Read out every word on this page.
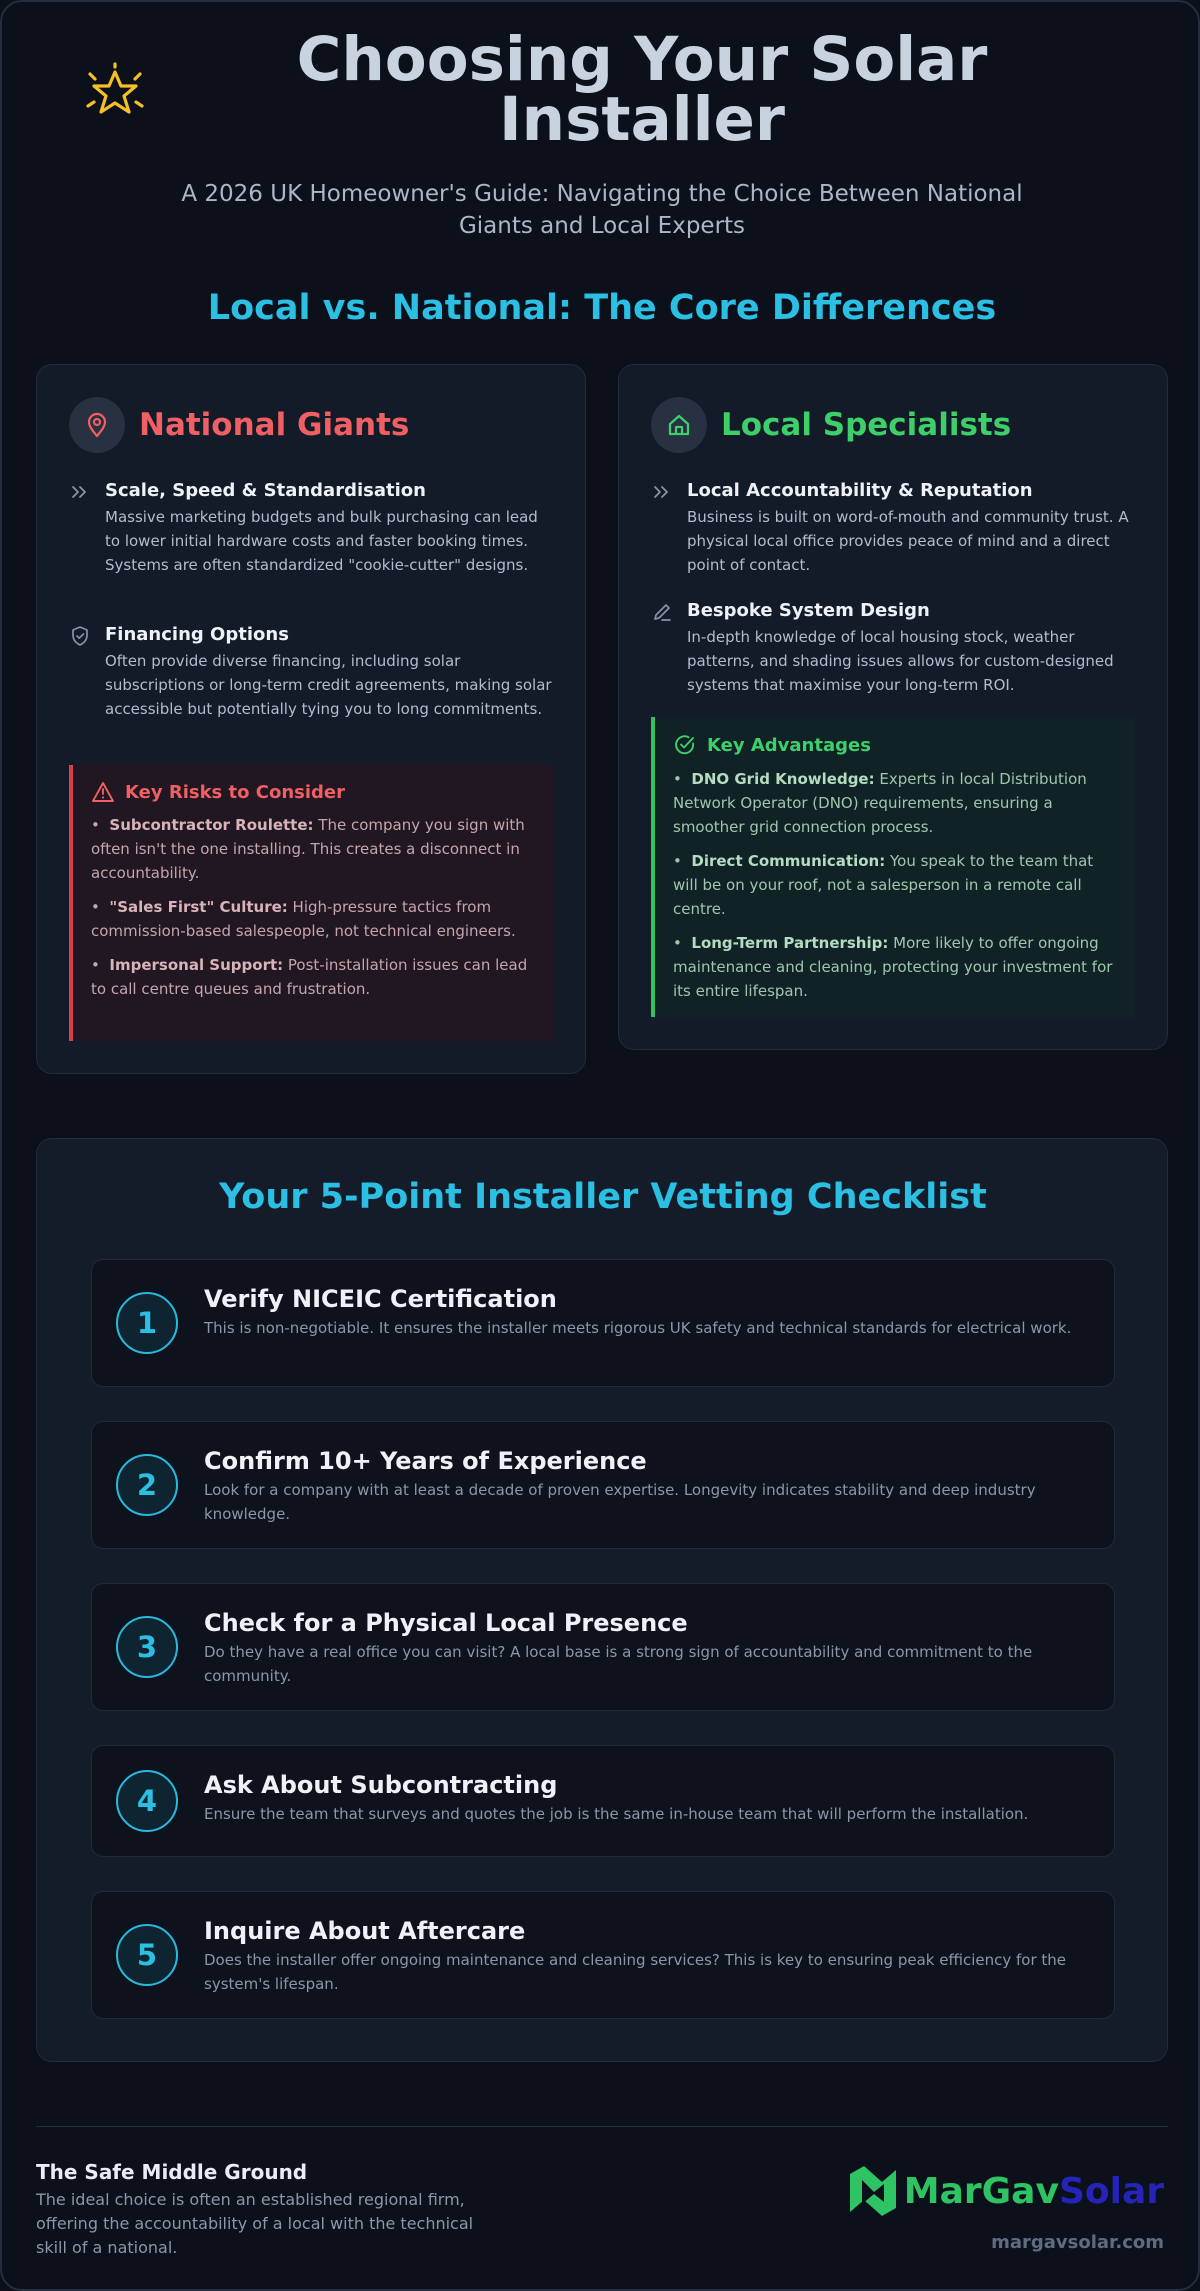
Choosing Your Solar Installer

A 2026 UK Homeowner's Guide: Navigating the Choice Between National Giants and Local Experts

Local vs. National: The Core Differences
National Giants
Scale, Speed & Standardisation
Massive marketing budgets and bulk purchasing can lead to lower initial hardware costs and faster booking times. Systems are often standardized "cookie-cutter" designs.
Financing Options
Often provide diverse financing, including solar subscriptions or long-term credit agreements, making solar accessible but potentially tying you to long commitments.
Key Risks to Consider
•  Subcontractor Roulette: The company you sign with often isn't the one installing. This creates a disconnect in accountability.
•  "Sales First" Culture: High-pressure tactics from commission-based salespeople, not technical engineers.
•  Impersonal Support: Post-installation issues can lead to call centre queues and frustration.
Local Specialists
Local Accountability & Reputation
Business is built on word-of-mouth and community trust. A physical local office provides peace of mind and a direct point of contact.
Bespoke System Design
In-depth knowledge of local housing stock, weather patterns, and shading issues allows for custom-designed systems that maximise your long-term ROI.
Key Advantages
•  DNO Grid Knowledge: Experts in local Distribution Network Operator (DNO) requirements, ensuring a smoother grid connection process.
•  Direct Communication: You speak to the team that will be on your roof, not a salesperson in a remote call centre.
•  Long-Term Partnership: More likely to offer ongoing maintenance and cleaning, protecting your investment for its entire lifespan.
Your 5-Point Installer Vetting Checklist
1
Verify NICEIC Certification
This is non-negotiable. It ensures the installer meets rigorous UK safety and technical standards for electrical work.
2
Confirm 10+ Years of Experience
Look for a company with at least a decade of proven expertise. Longevity indicates stability and deep industry knowledge.
3
Check for a Physical Local Presence
Do they have a real office you can visit? A local base is a strong sign of accountability and commitment to the community.
4	Ask About Subcontracting
Ensure the team that surveys and quotes the job is the same in-house team that will perform the installation.
5
Inquire About Aftercare
Does the installer offer ongoing maintenance and cleaning services? This is key to ensuring peak efficiency for the system's lifespan.
The Safe Middle Ground
The ideal choice is often an established regional firm, offering the accountability of a local with the technical skill of a national.
MarGav Solar
margavsolar.com
